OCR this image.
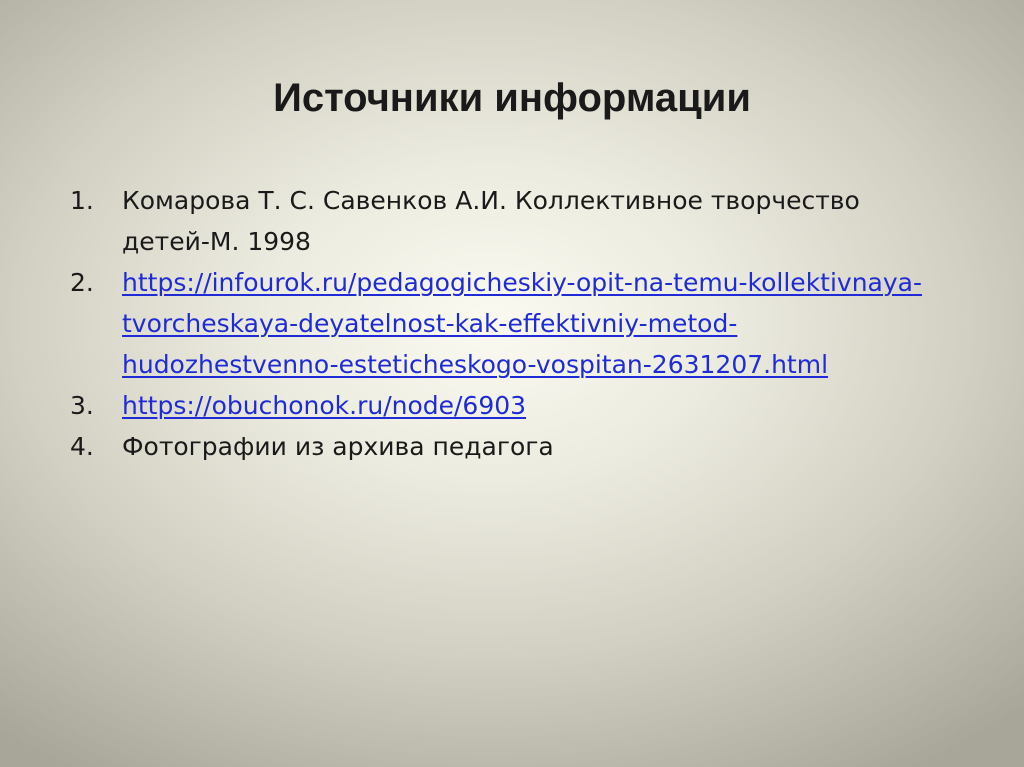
Источники информации
1. Комарова Т. С. Савенков А.И. Коллективное творчество детей-М. 1998
2. https://infourok.ru/pedagogicheskiy-opit-na-temu-kollektivnaya-tvorcheskaya-deyatelnost-kak-effektivniy-metod-hudozhestvenno-esteticheskogo-vospitan-2631207.html
3. https://obuchonok.ru/node/6903
4. Фотографии из архива педагога
